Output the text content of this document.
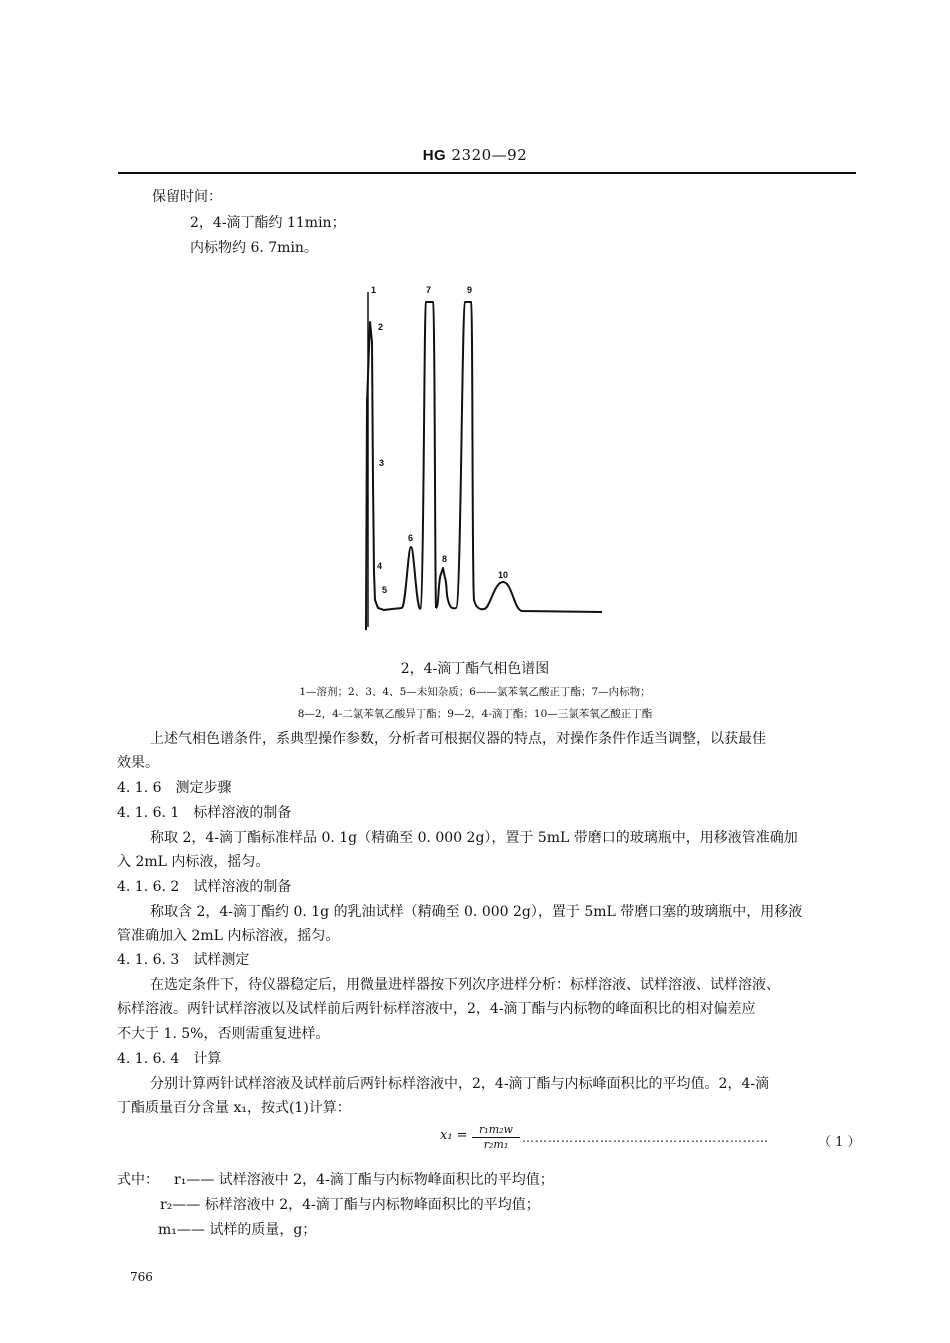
HG 2320—92
保留时间：
2，4-滴丁酯约 11min；
内标物约 6. 7min。
1
2
3
4
5
6
7
8
9
10
2，4-滴丁酯气相色谱图
1—溶剂；2、3、4、5—未知杂质；6——氯苯氧乙酸正丁酯；7—内标物；
8—2，4-二氯苯氧乙酸异丁酯；9—2，4-滴丁酯；10—三氯苯氧乙酸正丁酯
上述气相色谱条件，系典型操作参数，分析者可根据仪器的特点，对操作条件作适当调整，以获最佳
效果。
4. 1. 6　测定步骤
4. 1. 6. 1　标样溶液的制备
称取 2，4-滴丁酯标准样品 0. 1g（精确至 0. 000 2g），置于 5mL 带磨口的玻璃瓶中，用移液管准确加
入 2mL 内标液，摇匀。
4. 1. 6. 2　试样溶液的制备
称取含 2，4-滴丁酯约 0. 1g 的乳油试样（精确至 0. 000 2g），置于 5mL 带磨口塞的玻璃瓶中，用移液
管准确加入 2mL 内标溶液，摇匀。
4. 1. 6. 3　试样测定
在选定条件下，待仪器稳定后，用微量进样器按下列次序进样分析：标样溶液、试样溶液、试样溶液、
标样溶液。两针试样溶液以及试样前后两针标样溶液中，2，4-滴丁酯与内标物的峰面积比的相对偏差应
不大于 1. 5%，否则需重复进样。
4. 1. 6. 4　计算
分别计算两针试样溶液及试样前后两针标样溶液中，2，4-滴丁酯与内标峰面积比的平均值。2，4-滴
丁酯质量百分含量 x₁，按式(1)计算：
$x_1 = \frac{\text{r₁m₂w}}{\text{r₂m₁}}$ …………………………………………………	（ 1 ）
式中： r₁—— 试样溶液中 2，4-滴丁酯与内标物峰面积比的平均值；
r₂—— 标样溶液中 2，4-滴丁酯与内标物峰面积比的平均值；
m₁—— 试样的质量，g；
766
